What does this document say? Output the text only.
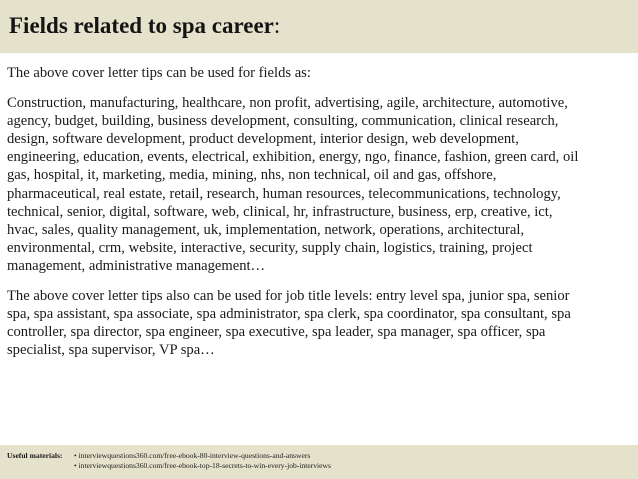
Fields related to spa career:

The above cover letter tips can be used for fields as:

Construction, manufacturing, healthcare, non profit, advertising, agile, architecture, automotive,
agency, budget, building, business development, consulting, communication, clinical research,
design, software development, product development, interior design, web development,
engineering, education, events, electrical, exhibition, energy, ngo, finance, fashion, green card, oil
gas, hospital, it, marketing, media, mining, nhs, non technical, oil and gas, offshore,
pharmaceutical, real estate, retail, research, human resources, telecommunications, technology,
technical, senior, digital, software, web, clinical, hr, infrastructure, business, erp, creative, ict,
hvac, sales, quality management, uk, implementation, network, operations, architectural,
environmental, crm, website, interactive, security, supply chain, logistics, training, project
management, administrative management…

The above cover letter tips also can be used for job title levels: entry level spa, junior spa, senior
spa, spa assistant, spa associate, spa administrator, spa clerk, spa coordinator, spa consultant, spa
controller, spa director, spa engineer, spa executive, spa leader, spa manager, spa officer, spa
specialist, spa supervisor, VP spa…

Useful materials: • interviewquestions360.com/free-ebook-80-interview-questions-and-answers
• interviewquestions360.com/free-ebook-top-18-secrets-to-win-every-job-interviews
